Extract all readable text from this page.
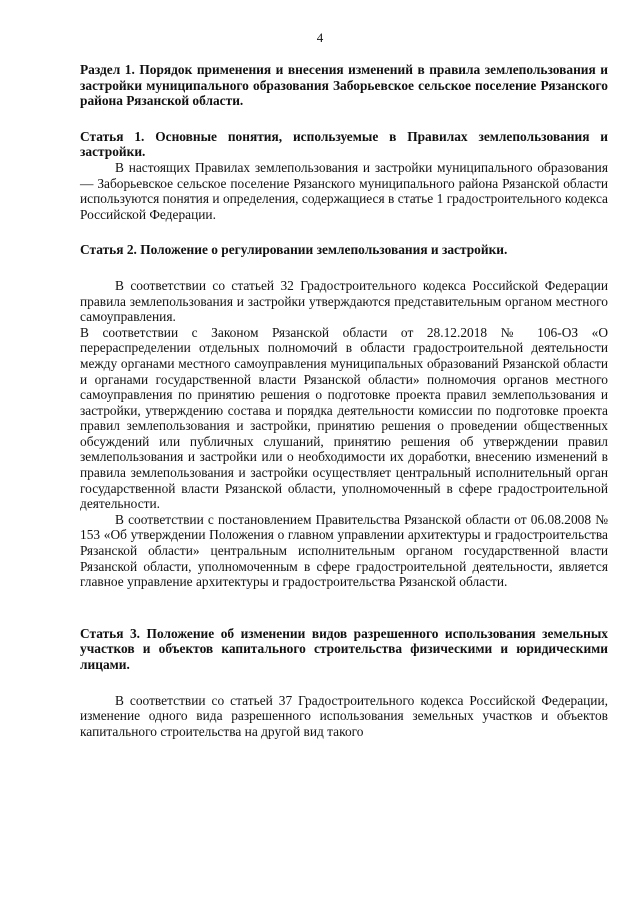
4

Раздел 1. Порядок применения и внесения изменений в правила землепользования и застройки муниципального образования Заборьевское сельское поселение Рязанского района Рязанской области.

Статья 1. Основные понятия, используемые в Правилах землепользования и застройки.

В настоящих Правилах землепользования и застройки муниципального образования — Заборьевское сельское поселение Рязанского муниципального района Рязанской области используются понятия и определения, содержащиеся в статье 1 градостроительного кодекса Российской Федерации.

Статья 2. Положение о регулировании землепользования и застройки.

В соответствии со статьей 32 Градостроительного кодекса Российской Федерации правила землепользования и застройки утверждаются представительным органом местного самоуправления.

В соответствии с Законом Рязанской области от 28.12.2018 № 106-ОЗ «О перераспределении отдельных полномочий в области градостроительной деятельности между органами местного самоуправления муниципальных образований Рязанской области и органами государственной власти Рязанской области» полномочия органов местного самоуправления по принятию решения о подготовке проекта правил землепользования и застройки, утверждению состава и порядка деятельности комиссии по подготовке проекта правил землепользования и застройки, принятию решения о проведении общественных обсуждений или публичных слушаний, принятию решения об утверждении правил землепользования и застройки или о необходимости их доработки, внесению изменений в правила землепользования и застройки осуществляет центральный исполнительный орган государственной власти Рязанской области, уполномоченный в сфере градостроительной деятельности.

В соответствии с постановлением Правительства Рязанской области от 06.08.2008 № 153 «Об утверждении Положения о главном управлении архитектуры и градостроительства Рязанской области» центральным исполнительным органом государственной власти Рязанской области, уполномоченным в сфере градостроительной деятельности, является главное управление архитектуры и градостроительства Рязанской области.

Статья 3. Положение об изменении видов разрешенного использования земельных участков и объектов капитального строительства физическими и юридическими лицами.

В соответствии со статьей 37 Градостроительного кодекса Российской Федерации, изменение одного вида разрешенного использования земельных участков и объектов капитального строительства на другой вид такого
